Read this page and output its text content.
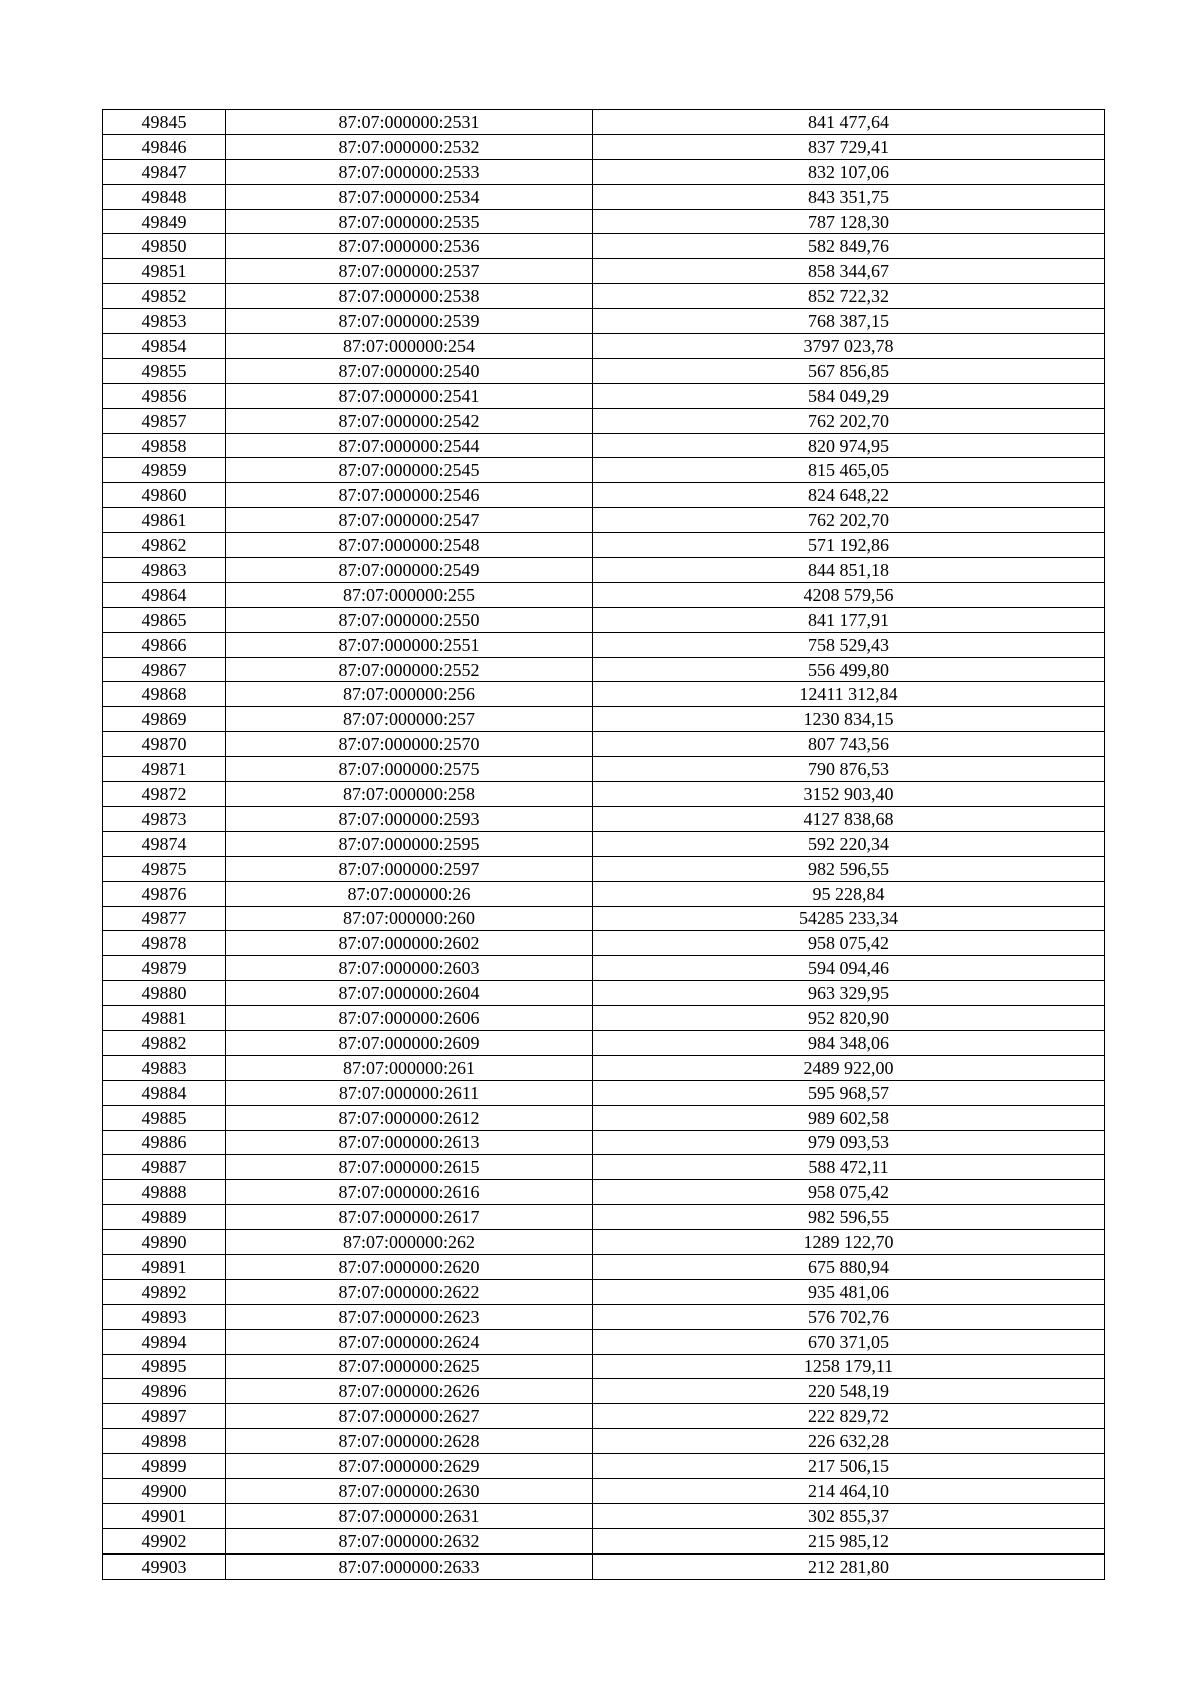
49845	87:07:000000:2531	841 477,64
49846	87:07:000000:2532	837 729,41
49847	87:07:000000:2533	832 107,06
49848	87:07:000000:2534	843 351,75
49849	87:07:000000:2535	787 128,30
49850	87:07:000000:2536	582 849,76
49851	87:07:000000:2537	858 344,67
49852	87:07:000000:2538	852 722,32
49853	87:07:000000:2539	768 387,15
49854	87:07:000000:254	3797 023,78
49855	87:07:000000:2540	567 856,85
49856	87:07:000000:2541	584 049,29
49857	87:07:000000:2542	762 202,70
49858	87:07:000000:2544	820 974,95
49859	87:07:000000:2545	815 465,05
49860	87:07:000000:2546	824 648,22
49861	87:07:000000:2547	762 202,70
49862	87:07:000000:2548	571 192,86
49863	87:07:000000:2549	844 851,18
49864	87:07:000000:255	4208 579,56
49865	87:07:000000:2550	841 177,91
49866	87:07:000000:2551	758 529,43
49867	87:07:000000:2552	556 499,80
49868	87:07:000000:256	12411 312,84
49869	87:07:000000:257	1230 834,15
49870	87:07:000000:2570	807 743,56
49871	87:07:000000:2575	790 876,53
49872	87:07:000000:258	3152 903,40
49873	87:07:000000:2593	4127 838,68
49874	87:07:000000:2595	592 220,34
49875	87:07:000000:2597	982 596,55
49876	87:07:000000:26	95 228,84
49877	87:07:000000:260	54285 233,34
49878	87:07:000000:2602	958 075,42
49879	87:07:000000:2603	594 094,46
49880	87:07:000000:2604	963 329,95
49881	87:07:000000:2606	952 820,90
49882	87:07:000000:2609	984 348,06
49883	87:07:000000:261	2489 922,00
49884	87:07:000000:2611	595 968,57
49885	87:07:000000:2612	989 602,58
49886	87:07:000000:2613	979 093,53
49887	87:07:000000:2615	588 472,11
49888	87:07:000000:2616	958 075,42
49889	87:07:000000:2617	982 596,55
49890	87:07:000000:262	1289 122,70
49891	87:07:000000:2620	675 880,94
49892	87:07:000000:2622	935 481,06
49893	87:07:000000:2623	576 702,76
49894	87:07:000000:2624	670 371,05
49895	87:07:000000:2625	1258 179,11
49896	87:07:000000:2626	220 548,19
49897	87:07:000000:2627	222 829,72
49898	87:07:000000:2628	226 632,28
49899	87:07:000000:2629	217 506,15
49900	87:07:000000:2630	214 464,10
49901	87:07:000000:2631	302 855,37
49902	87:07:000000:2632	215 985,12
49903	87:07:000000:2633	212 281,80
